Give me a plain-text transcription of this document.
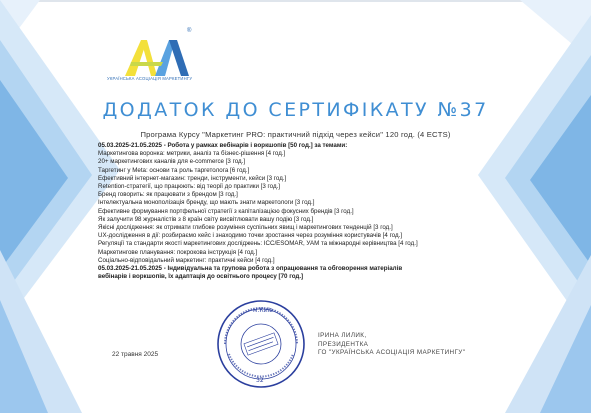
®
УКРАЇНСЬКА АСОЦІАЦІЯ МАРКЕТИНГУ
ДОДАТОК ДО СЕРТИФІКАТУ №37
Програма Курсу "Маркетинг PRO: практичний підхід через кейси" 120 год. (4 ECTS)
05.03.2025-21.05.2025 - Робота у рамках вебінарів і воркшопів [50 год.] за темами:
Маркетингова воронка: метрики, аналіз та бізнес-рішення [4 год.]
20+ маркетингових каналів для e-commerce [3 год.]
Таргетинг у Meta: основи та роль таргетолога [6 год.]
Ефективний інтернет-магазин: тренди, інструменти, кейси [3 год.]
Retention-стратегії, що працюють: від теорії до практики [3 год.]
Бренд говорить: як працювати з брендом [3 год.]
Інтелектуальна монополізація бренду, що мають знати маркетологи [3 год.]
Ефективне формування портфельної стратегії з капіталізацією фокусних брендів [3 год.]
Як залучити 98 журналістів з 8 країн світу висвітлювати вашу подію [3 год.]
Якісні дослідження: як отримати глибоке розуміння суспільних явищ і маркетингових тенденцій [3 год.]
UX-дослідження в дії: розбираємо кейс і знаходимо точки зростання через розуміння користувачів [4 год.]
Регуляції та стандарти якості маркетингових досліджень: ICC/ESOMAR, УАМ та міжнародні керівництва [4 год.]
Маркетингове планування: покрокова інструкція [4 год.]
Соціально-відповідальний маркетинг: практичні кейси [4 год.]
05.03.2025-21.05.2025 - Індивідуальна та групова робота з опрацювання та обговорення матеріалів
вебінарів і воркшопів, їх адаптація до освітнього процесу [70 год.]
м.Київ
32
22 травня 2025
ІРИНА ЛИЛИК,
ПРЕЗИДЕНТКА
ГО "УКРАЇНСЬКА АСОЦІАЦІЯ МАРКЕТИНГУ"
